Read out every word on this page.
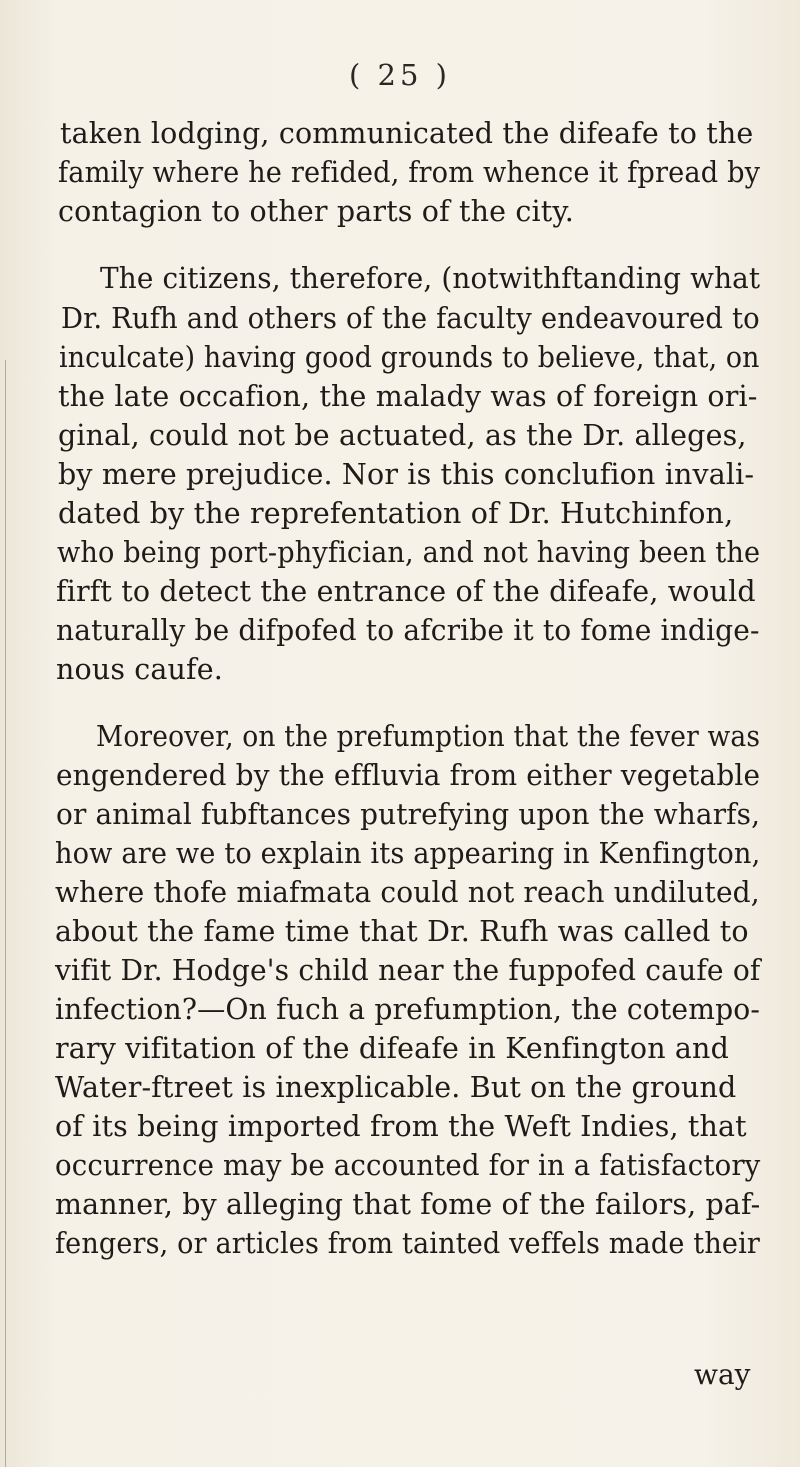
( 25 )
taken lodging, communicated the difeafe to the
family where he refided, from whence it fpread by
contagion to other parts of the city.
The citizens, therefore, (notwithftanding what
Dr. Rufh and others of the faculty endeavoured to
inculcate) having good grounds to believe, that, on
the late occafion, the malady was of foreign ori-
ginal, could not be actuated, as the Dr. alleges,
by mere prejudice. Nor is this conclufion invali-
dated by the reprefentation of Dr. Hutchinfon,
who being port-phyfician, and not having been the
firft to detect the entrance of the difeafe, would
naturally be difpofed to afcribe it to fome indige-
nous caufe.
Moreover, on the prefumption that the fever was
engendered by the effluvia from either vegetable
or animal fubftances putrefying upon the wharfs,
how are we to explain its appearing in Kenfington,
where thofe miafmata could not reach undiluted,
about the fame time that Dr. Rufh was called to
vifit Dr. Hodge's child near the fuppofed caufe of
infection?—On fuch a prefumption, the cotempo-
rary vifitation of the difeafe in Kenfington and
Water-ftreet is inexplicable. But on the ground
of its being imported from the Weft Indies, that
occurrence may be accounted for in a fatisfactory
manner, by alleging that fome of the failors, paf-
fengers, or articles from tainted veffels made their
way
